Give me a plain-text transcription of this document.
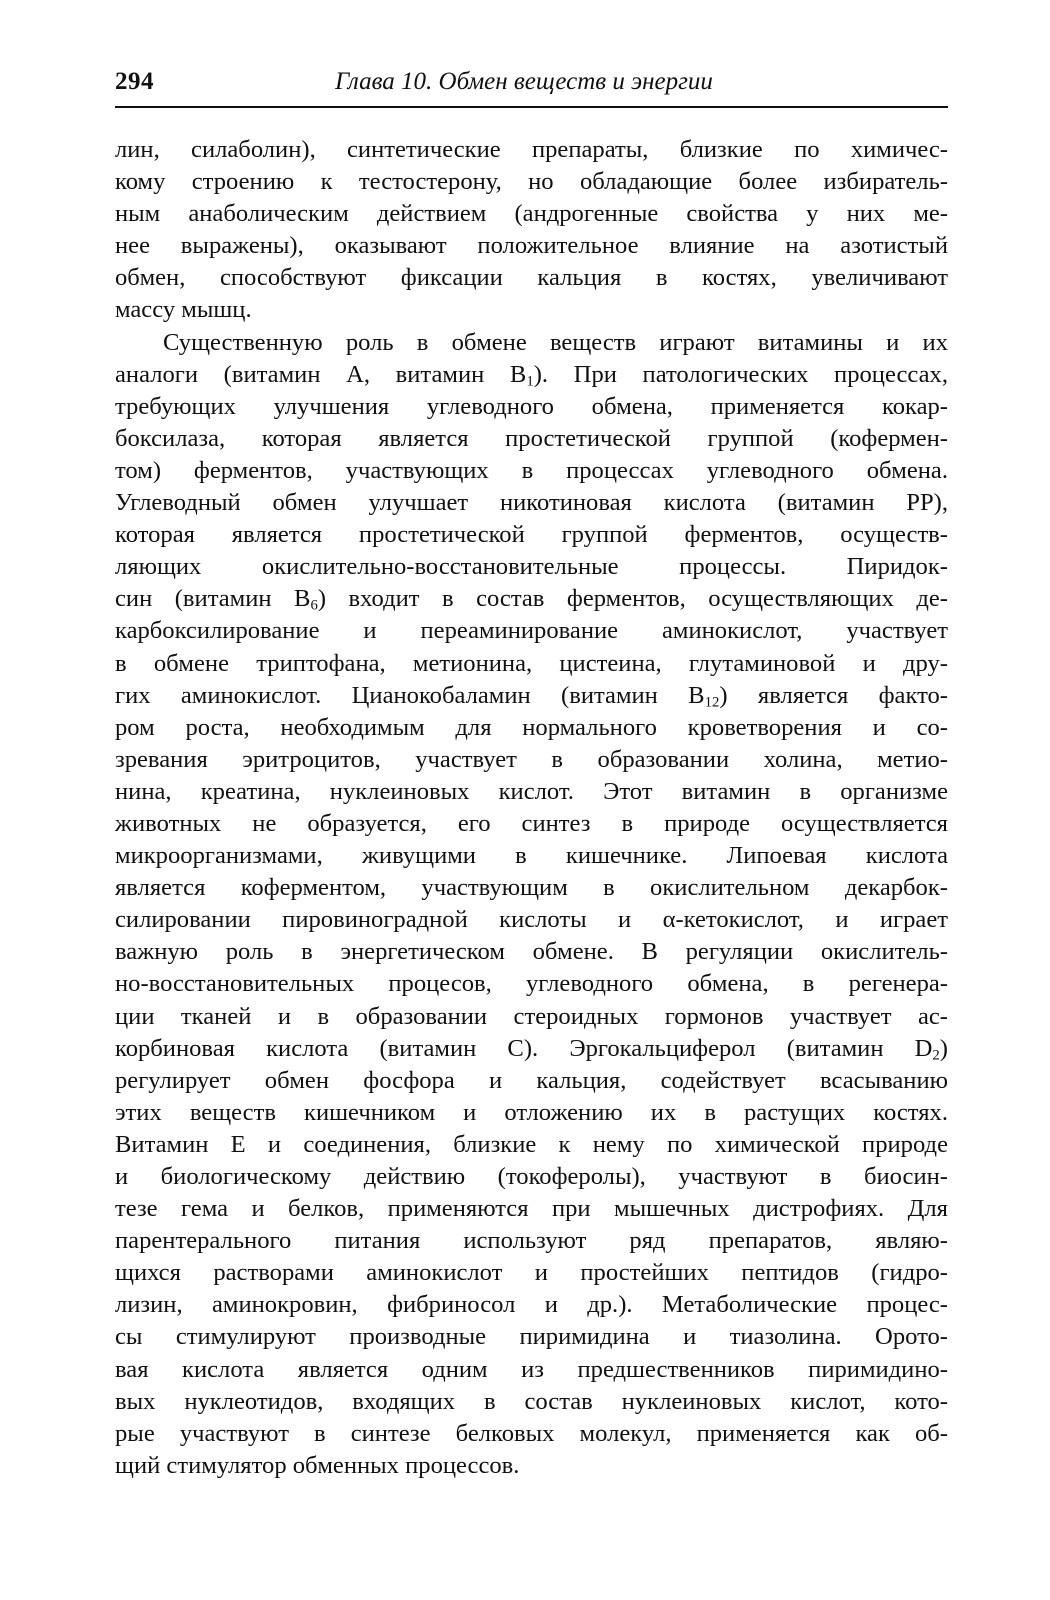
294	Глава 10. Обмен веществ и энергии
лин, силаболин), синтетические препараты, близкие по химичес-
кому строению к тестостерону, но обладающие более избиратель-
ным анаболическим действием (андрогенные свойства у них ме-
нее выражены), оказывают положительное влияние на азотистый
обмен, способствуют фиксации кальция в костях, увеличивают
массу мышц.
Существенную роль в обмене веществ играют витамины и их
аналоги (витамин А, витамин $В_1$). При патологических процессах,
требующих улучшения углеводного обмена, применяется кокар-
боксилаза, которая является простетической группой (кофермен-
том) ферментов, участвующих в процессах углеводного обмена.
Углеводный обмен улучшает никотиновая кислота (витамин РР),
которая является простетической группой ферментов, осуществ-
ляющих окислительно-восстановительные процессы. Пиридок-
син (витамин $В_6$) входит в состав ферментов, осуществляющих де-
карбоксилирование и переаминирование аминокислот, участвует
в обмене триптофана, метионина, цистеина, глутаминовой и дру-
гих аминокислот. Цианокобаламин (витамин $В_{12}$) является факто-
ром роста, необходимым для нормального кроветворения и со-
зревания эритроцитов, участвует в образовании холина, метио-
нина, креатина, нуклеиновых кислот. Этот витамин в организме
животных не образуется, его синтез в природе осуществляется
микроорганизмами, живущими в кишечнике. Липоевая кислота
является коферментом, участвующим в окислительном декарбок-
силировании пировиноградной кислоты и α-кетокислот, и играет
важную роль в энергетическом обмене. В регуляции окислитель-
но-восстановительных процесов, углеводного обмена, в регенера-
ции тканей и в образовании стероидных гормонов участвует ас-
корбиновая кислота (витамин С). Эргокальциферол (витамин $D_2$)
регулирует обмен фосфора и кальция, содействует всасыванию
этих веществ кишечником и отложению их в растущих костях.
Витамин Е и соединения, близкие к нему по химической природе
и биологическому действию (токоферолы), участвуют в биосин-
тезе гема и белков, применяются при мышечных дистрофиях. Для
парентерального питания используют ряд препаратов, являю-
щихся растворами аминокислот и простейших пептидов (гидро-
лизин, аминокровин, фибриносол и др.). Метаболические процес-
сы стимулируют производные пиримидина и тиазолина. Орото-
вая кислота является одним из предшественников пиримидино-
вых нуклеотидов, входящих в состав нуклеиновых кислот, кото-
рые участвуют в синтезе белковых молекул, применяется как об-
щий стимулятор обменных процессов.
